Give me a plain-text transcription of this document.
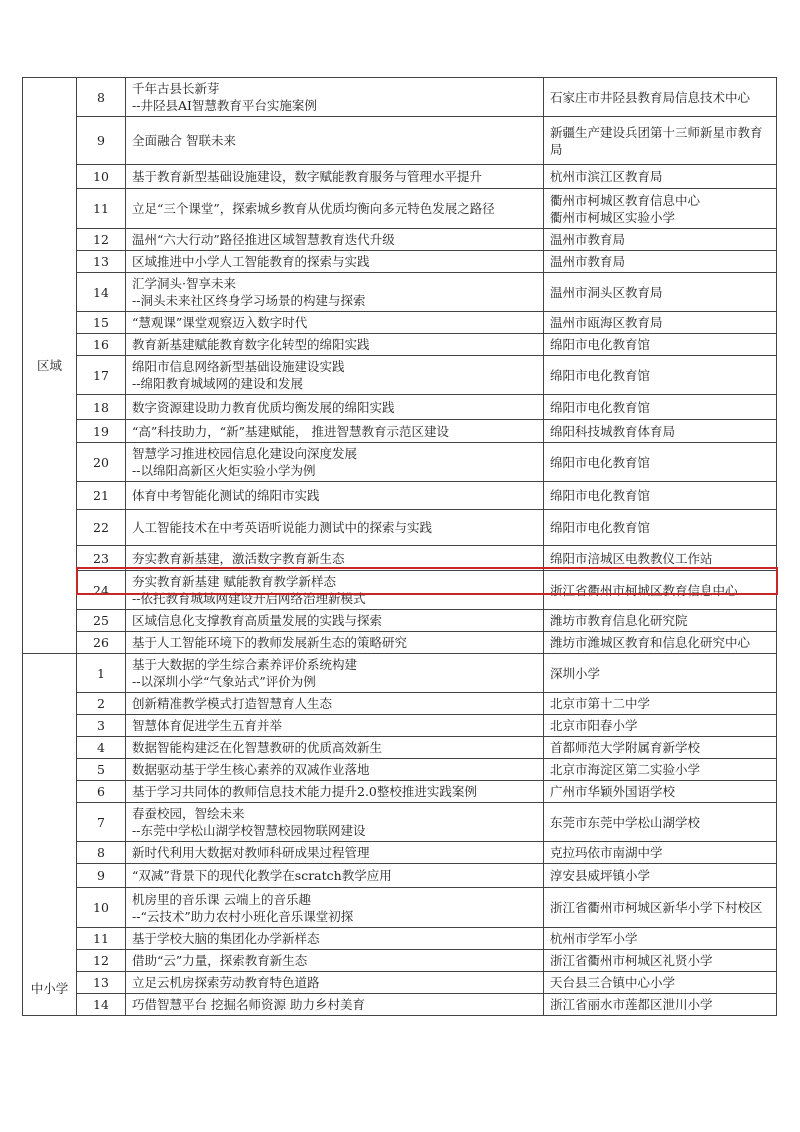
区域	8	千年古县长新芽
--井陉县AI智慧教育平台实施案例	石家庄市井陉县教育局信息技术中心

	9	全面融合 智联未来	新疆生产建设兵团第十三师新星市教育局

	10	基于教育新型基础设施建设，数字赋能教育服务与管理水平提升	杭州市滨江区教育局

	11	立足“三个课堂”，探索城乡教育从优质均衡向多元特色发展之路径	衢州市柯城区教育信息中心
衢州市柯城区实验小学

	12	温州“六大行动”路径推进区域智慧教育迭代升级	温州市教育局

	13	区域推进中小学人工智能教育的探索与实践	温州市教育局

	14	汇学洞头·智享未来
--洞头未来社区终身学习场景的构建与探索	温州市洞头区教育局

	15	“慧观课”课堂观察迈入数字时代	温州市瓯海区教育局

	16	教育新基建赋能教育数字化转型的绵阳实践	绵阳市电化教育馆

	17	绵阳市信息网络新型基础设施建设实践
--绵阳教育城域网的建设和发展	绵阳市电化教育馆

	18	数字资源建设助力教育优质均衡发展的绵阳实践	绵阳市电化教育馆

	19	“高”科技助力，“新”基建赋能， 推进智慧教育示范区建设	绵阳科技城教育体育局

	20	智慧学习推进校园信息化建设向深度发展
--以绵阳高新区火炬实验小学为例	绵阳市电化教育馆

	21	体育中考智能化测试的绵阳市实践	绵阳市电化教育馆

	22	人工智能技术在中考英语听说能力测试中的探索与实践	绵阳市电化教育馆

	23	夯实教育新基建，激活数字教育新生态	绵阳市涪城区电教教仪工作站

	24	夯实教育新基建 赋能教育教学新样态
--依托教育城域网建设开启网络治理新模式	浙江省衢州市柯城区教育信息中心

	25	区域信息化支撑教育高质量发展的实践与探索	潍坊市教育信息化研究院

	26	基于人工智能环境下的教师发展新生态的策略研究	潍坊市潍城区教育和信息化研究中心

中小学	1	基于大数据的学生综合素养评价系统构建
--以深圳小学“气象站式”评价为例	深圳小学

	2	创新精准教学模式打造智慧育人生态	北京市第十二中学

	3	智慧体育促进学生五育并举	北京市阳春小学

	4	数据智能构建泛在化智慧教研的优质高效新生	首都师范大学附属育新学校

	5	数据驱动基于学生核心素养的双减作业落地	北京市海淀区第二实验小学

	6	基于学习共同体的教师信息技术能力提升2.0整校推进实践案例	广州市华颖外国语学校

	7	春蚕校园，智绘未来
--东莞中学松山湖学校智慧校园物联网建设	东莞市东莞中学松山湖学校

	8	新时代利用大数据对教师科研成果过程管理	克拉玛依市南湖中学

	9	“双减”背景下的现代化教学在scratch教学应用	淳安县威坪镇小学

	10	机房里的音乐课 云端上的音乐趣
--“云技术”助力农村小班化音乐课堂初探	浙江省衢州市柯城区新华小学下村校区

	11	基于学校大脑的集团化办学新样态	杭州市学军小学

	12	借助“云”力量，探索教育新生态	浙江省衢州市柯城区礼贤小学

	13	立足云机房探索劳动教育特色道路	天台县三合镇中心小学

	14	巧借智慧平台 挖掘名师资源 助力乡村美育	浙江省丽水市莲都区泄川小学
